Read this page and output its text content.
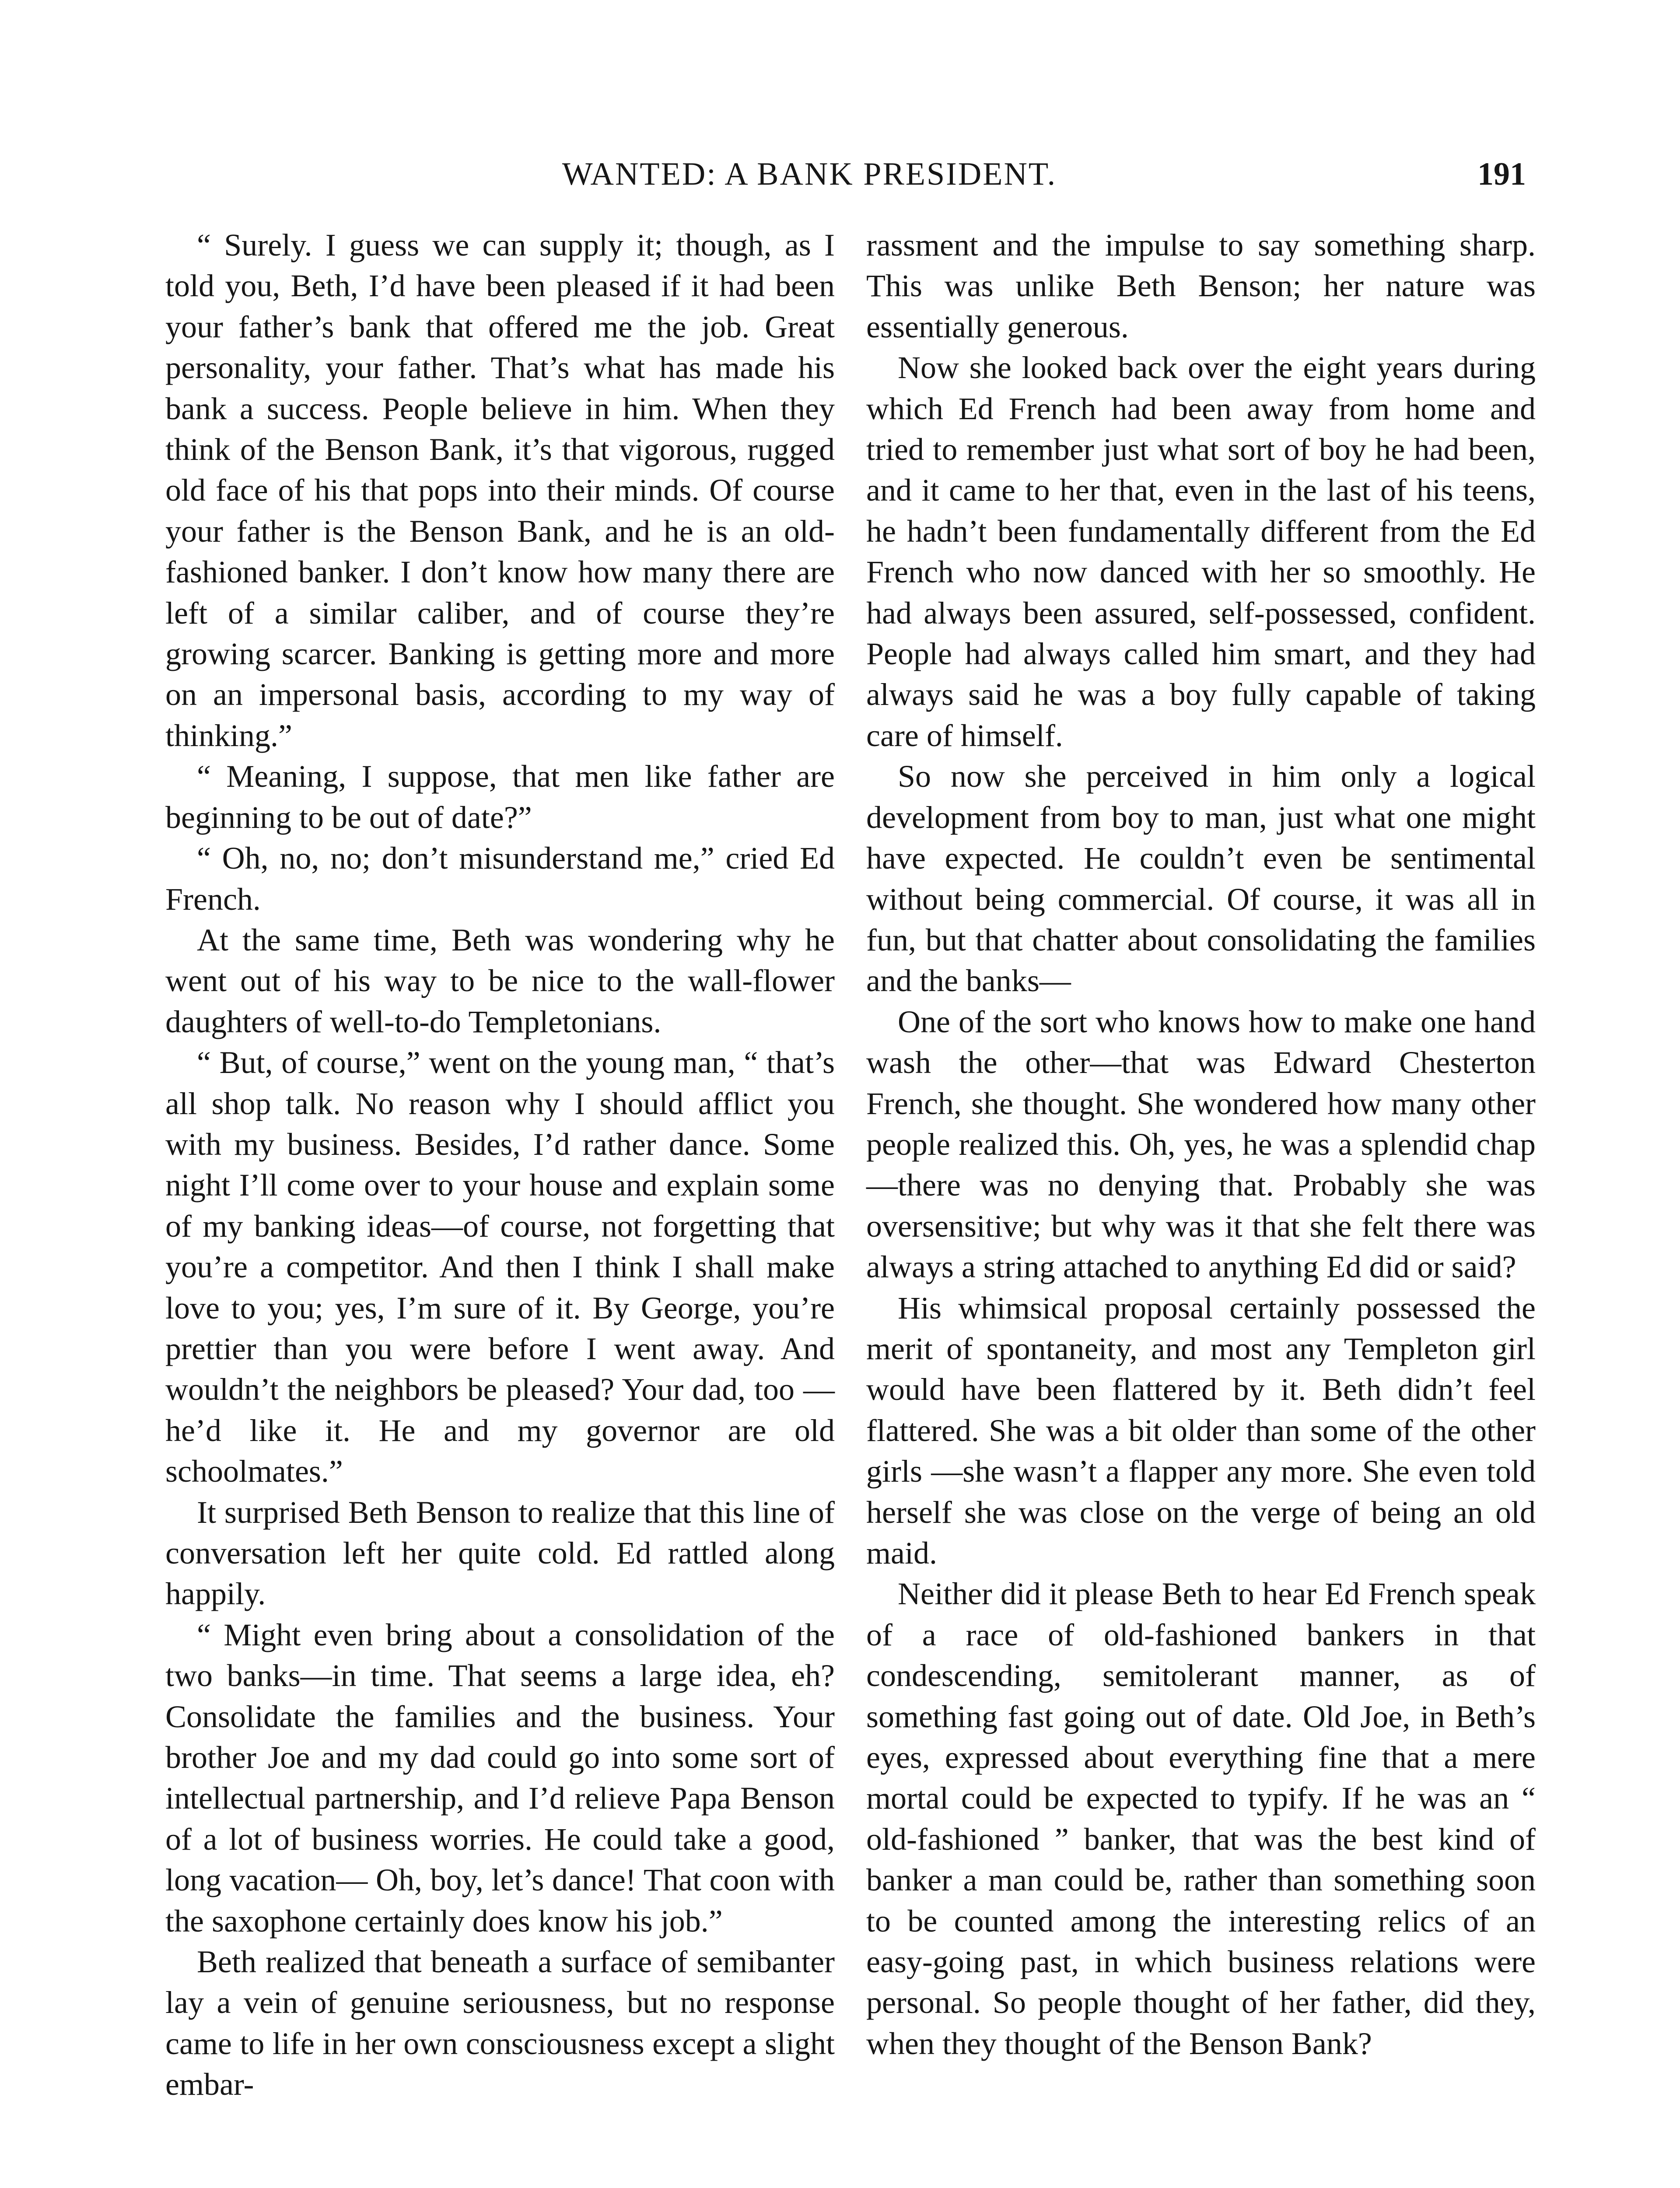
WANTED: A BANK PRESIDENT.	191

“ Surely. I guess we can supply it; though, as I told you, Beth, I’d have been pleased if it had been your father’s bank that offered me the job. Great personality, your father. That’s what has made his bank a success. People believe in him. When they think of the Benson Bank, it’s that vigorous, rugged old face of his that pops into their minds. Of course your father is the Benson Bank, and he is an old-fashioned banker. I don’t know how many there are left of a similar caliber, and of course they’re growing scarcer. Banking is getting more and more on an impersonal basis, according to my way of thinking.”

“ Meaning, I suppose, that men like father are beginning to be out of date?”

“ Oh, no, no; don’t misunderstand me,” cried Ed French.

At the same time, Beth was wondering why he went out of his way to be nice to the wall-flower daughters of well-to-do Templetonians.

“ But, of course,” went on the young man, “ that’s all shop talk. No reason why I should afflict you with my business. Besides, I’d rather dance. Some night I’ll come over to your house and explain some of my banking ideas—of course, not forgetting that you’re a competitor. And then I think I shall make love to you; yes, I’m sure of it. By George, you’re prettier than you were before I went away. And wouldn’t the neighbors be pleased? Your dad, too —he’d like it. He and my governor are old schoolmates.”

It surprised Beth Benson to realize that this line of conversation left her quite cold. Ed rattled along happily.

“ Might even bring about a consolidation of the two banks—in time. That seems a large idea, eh? Consolidate the families and the business. Your brother Joe and my dad could go into some sort of intellectual partnership, and I’d relieve Papa Benson of a lot of business worries. He could take a good, long vacation— Oh, boy, let’s dance! That coon with the saxophone certainly does know his job.”

Beth realized that beneath a surface of semibanter lay a vein of genuine seriousness, but no response came to life in her own consciousness except a slight embar-

rassment and the impulse to say something sharp. This was unlike Beth Benson; her nature was essentially generous.

Now she looked back over the eight years during which Ed French had been away from home and tried to remember just what sort of boy he had been, and it came to her that, even in the last of his teens, he hadn’t been fundamentally different from the Ed French who now danced with her so smoothly. He had always been assured, self-possessed, confident. People had always called him smart, and they had always said he was a boy fully capable of taking care of himself.

So now she perceived in him only a logical development from boy to man, just what one might have expected. He couldn’t even be sentimental without being commercial. Of course, it was all in fun, but that chatter about consolidating the families and the banks—

One of the sort who knows how to make one hand wash the other—that was Edward Chesterton French, she thought. She wondered how many other people realized this. Oh, yes, he was a splendid chap—there was no denying that. Probably she was oversensitive; but why was it that she felt there was always a string attached to anything Ed did or said?

His whimsical proposal certainly possessed the merit of spontaneity, and most any Templeton girl would have been flattered by it. Beth didn’t feel flattered. She was a bit older than some of the other girls —she wasn’t a flapper any more. She even told herself she was close on the verge of being an old maid.

Neither did it please Beth to hear Ed French speak of a race of old-fashioned bankers in that condescending, semitolerant manner, as of something fast going out of date. Old Joe, in Beth’s eyes, expressed about everything fine that a mere mortal could be expected to typify. If he was an “ old-fashioned ” banker, that was the best kind of banker a man could be, rather than something soon to be counted among the interesting relics of an easy-going past, in which business relations were personal. So people thought of her father, did they, when they thought of the Benson Bank?
